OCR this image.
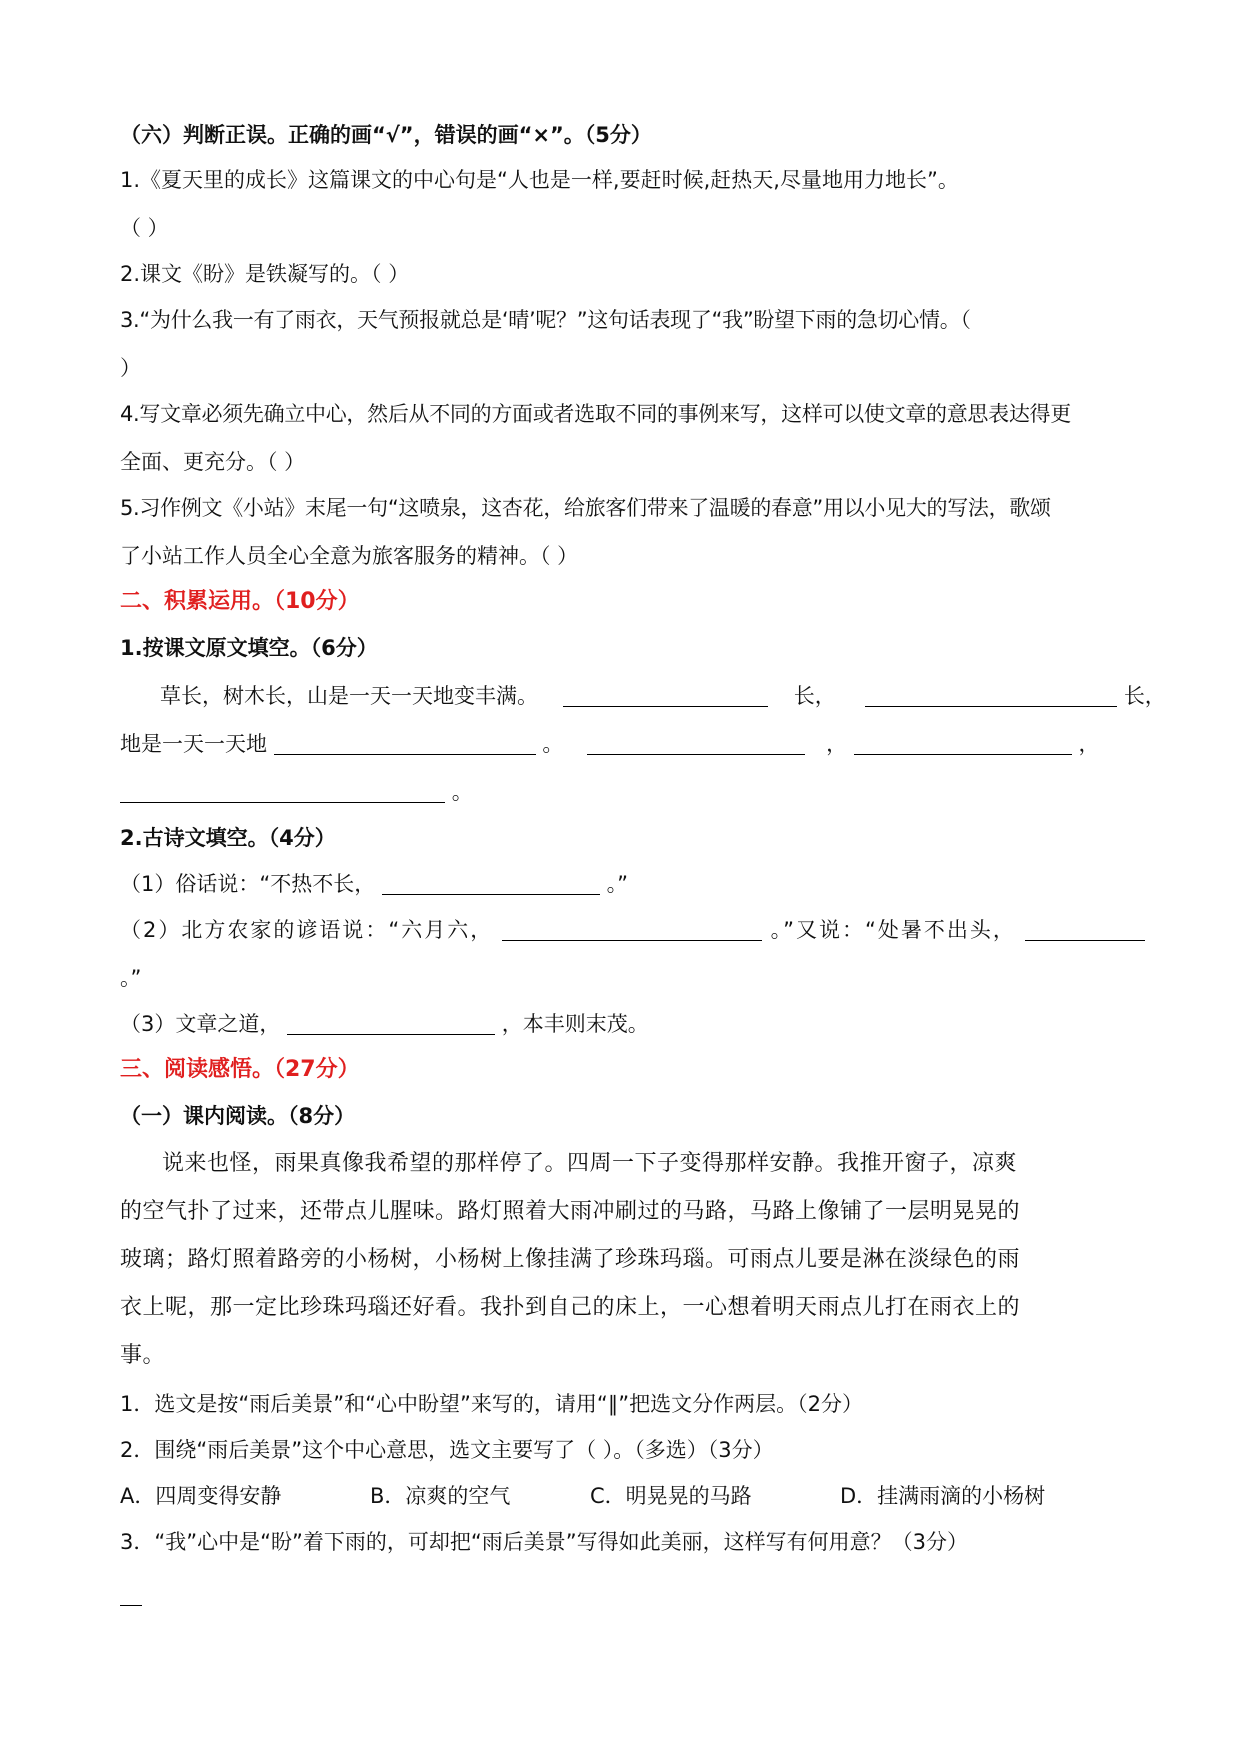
（六）判断正误。正确的画“√”，错误的画“×”。（5分）
1.《夏天里的成长》这篇课文的中心句是“人也是一样,要赶时候,赶热天,尽量地用力地长”。
（ ）
2.课文《盼》是铁凝写的。（ ）
3.“为什么我一有了雨衣，天气预报就总是‘晴’呢？”这句话表现了“我”盼望下雨的急切心情。（
）
4.写文章必须先确立中心，然后从不同的方面或者选取不同的事例来写，这样可以使文章的意思表达得更
全面、更充分。（ ）
5.习作例文《小站》末尾一句“这喷泉，这杏花，给旅客们带来了温暖的春意”用以小见大的写法，歌颂
了小站工作人员全心全意为旅客服务的精神。（ ）
二、积累运用。（10分）
1.按课文原文填空。（6分）
草长，树木长，山是一天一天地变丰满。	长，	长，
地是一天一天地	。	，	，
。
2.古诗文填空。（4分）
（1）俗话说：“不热不长，	。”
（2）北方农家的谚语说：“六月六，	。”又说：“处暑不出头，
。”
（3）文章之道，	，本丰则末茂。
三、阅读感悟。（27分）
（一）课内阅读。（8分）
说来也怪，雨果真像我希望的那样停了。四周一下子变得那样安静。我推开窗子，凉爽
的空气扑了过来，还带点儿腥味。路灯照着大雨冲刷过的马路，马路上像铺了一层明晃晃的
玻璃；路灯照着路旁的小杨树，小杨树上像挂满了珍珠玛瑙。可雨点儿要是淋在淡绿色的雨
衣上呢，那一定比珍珠玛瑙还好看。我扑到自己的床上，一心想着明天雨点儿打在雨衣上的
事。
1．选文是按“雨后美景”和“心中盼望”来写的，请用“∥”把选文分作两层。（2分）
2．围绕“雨后美景”这个中心意思，选文主要写了（ ）。（多选）（3分）
A．四周变得安静	B．凉爽的空气	C．明晃晃的马路	D．挂满雨滴的小杨树
3．“我”心中是“盼”着下雨的，可却把“雨后美景”写得如此美丽，这样写有何用意？（3分）
